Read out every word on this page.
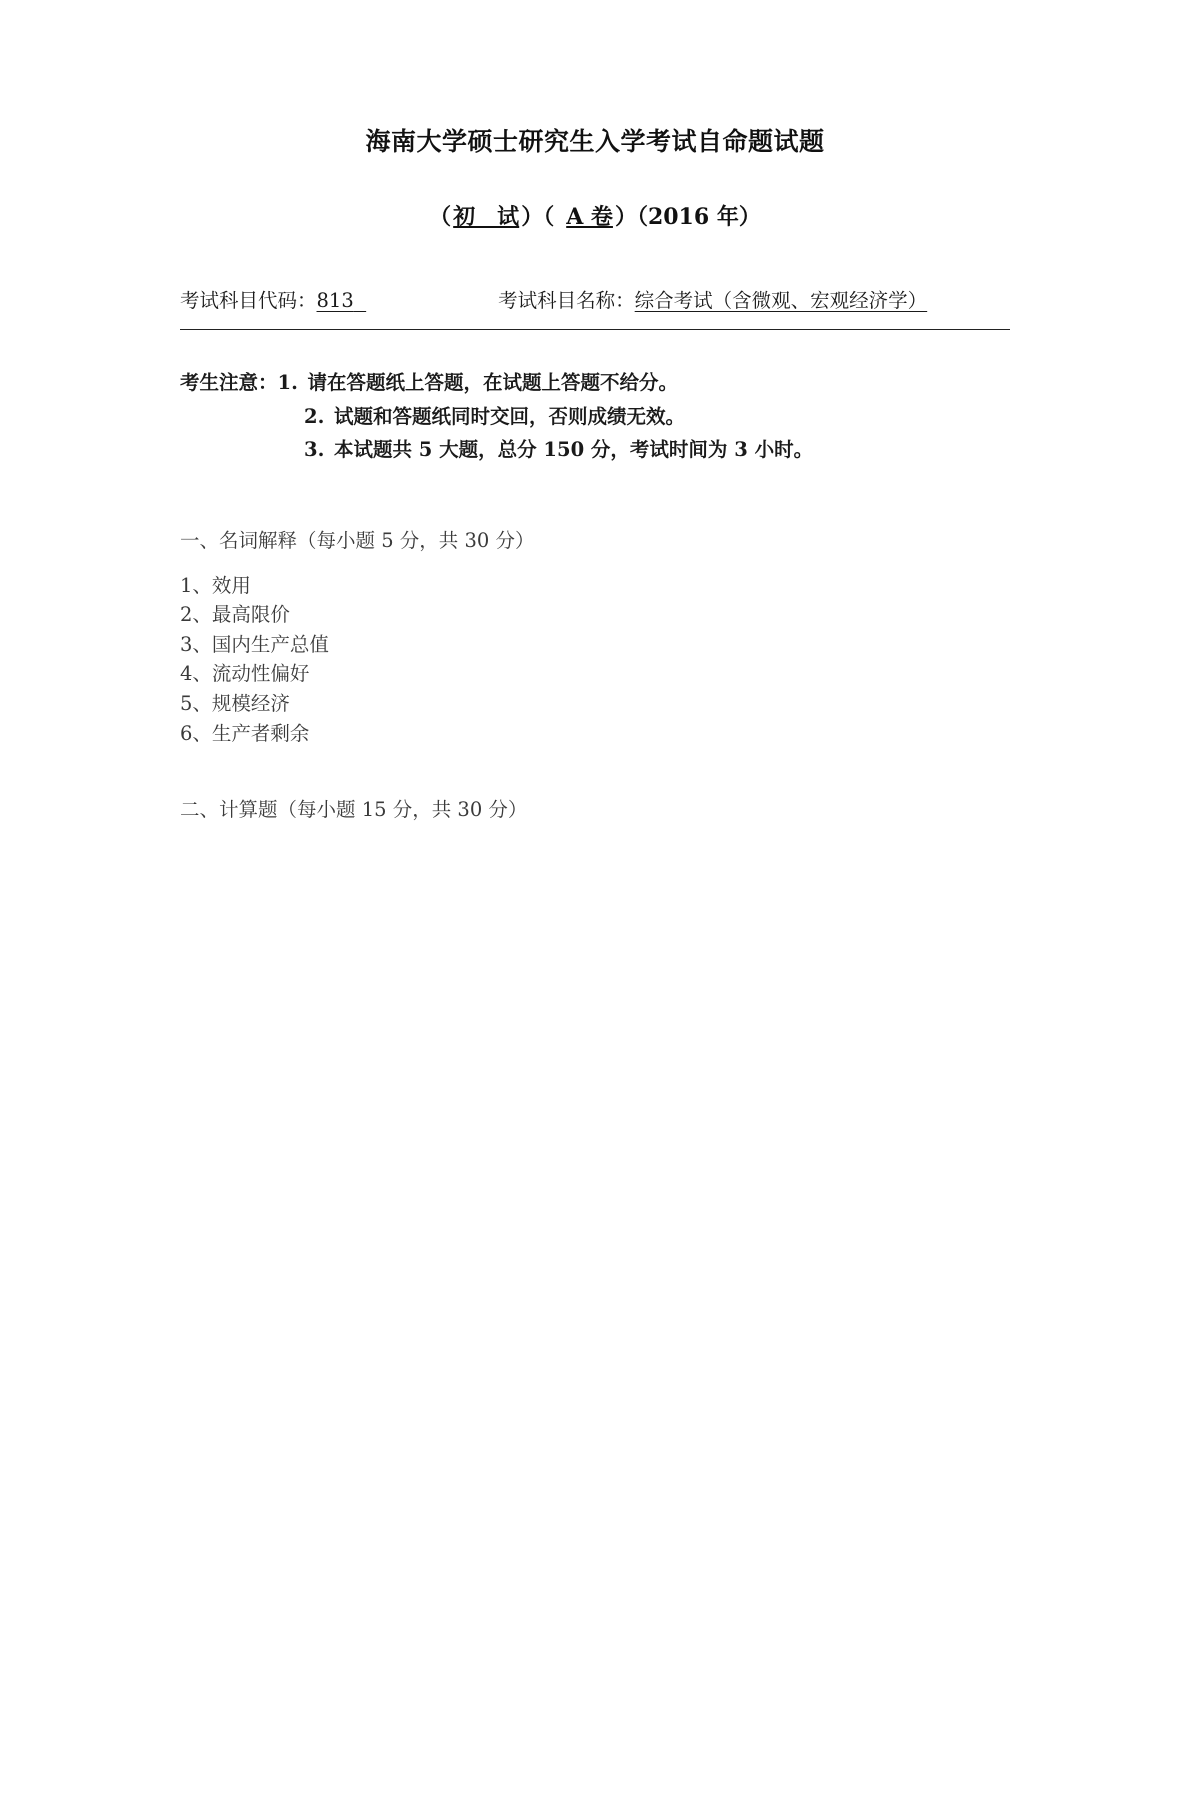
海南大学硕士研究生入学考试自命题试题
（初　试）（ A 卷）（2016 年）
考试科目代码：813	考试科目名称：综合考试（含微观、宏观经济学）
考生注意： 1. 请在答题纸上答题，在试题上答题不给分。
2. 试题和答题纸同时交回，否则成绩无效。
3. 本试题共 5 大题，总分 150 分，考试时间为 3 小时。
一、名词解释（每小题 5 分，共 30 分）
1、效用
2、最高限价
3、国内生产总值
4、流动性偏好
5、规模经济
6、生产者剩余
二、计算题（每小题 15 分，共 30 分）
